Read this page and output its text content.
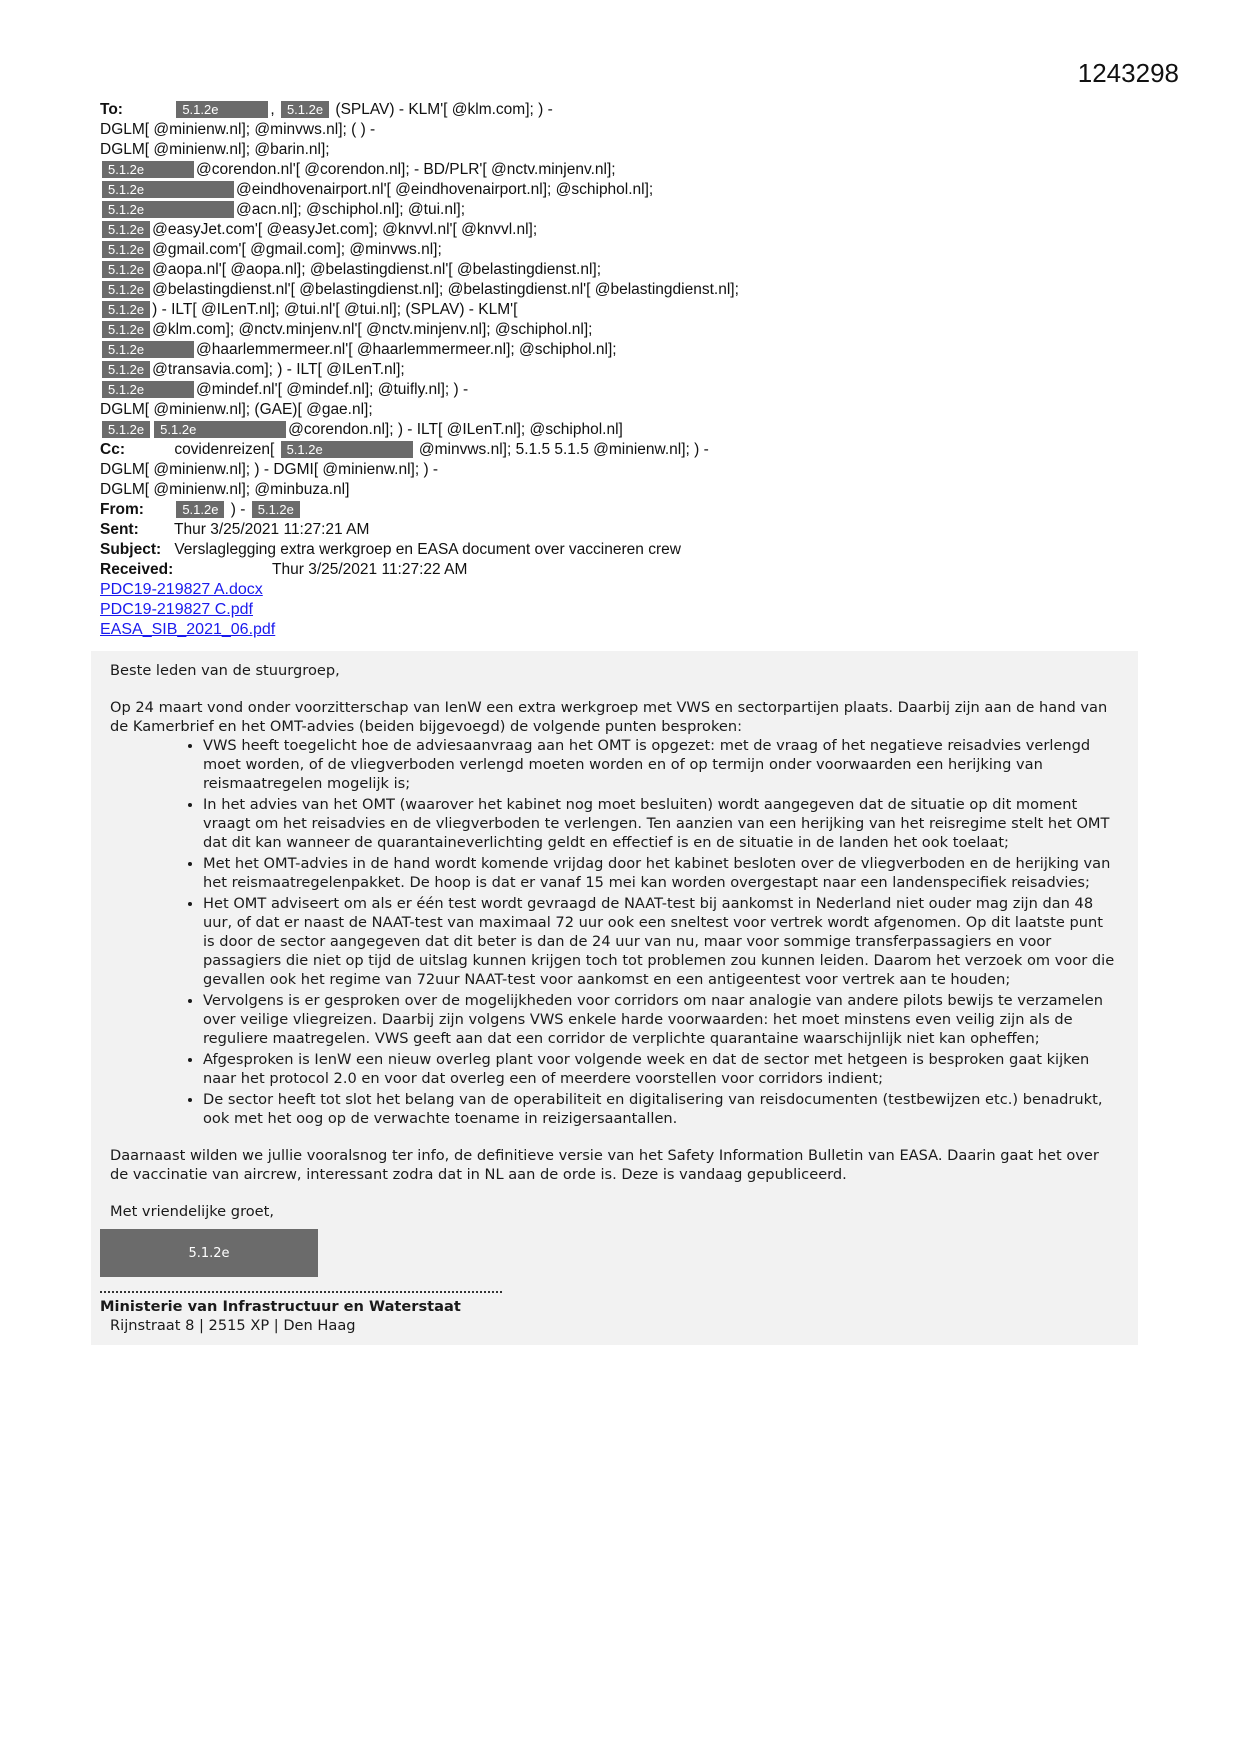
1243298
To:	5.1.2e	, 5.1.2e (SPLAV) - KLM'[ @klm.com]; ) -
DGLM[ @minienw.nl]; @minvws.nl]; ( ) -
DGLM[ @minienw.nl]; @barin.nl];
5.1.2e	@corendon.nl'[ @corendon.nl]; - BD/PLR'[ @nctv.minjenv.nl];
5.1.2e	@eindhovenairport.nl'[ @eindhovenairport.nl]; @schiphol.nl];
5.1.2e	@acn.nl]; @schiphol.nl]; @tui.nl];
5.1.2e @easyJet.com'[ @easyJet.com]; @knvvl.nl'[ @knvvl.nl];
5.1.2e @gmail.com'[ @gmail.com]; @minvws.nl];
5.1.2e @aopa.nl'[ @aopa.nl]; @belastingdienst.nl'[ @belastingdienst.nl];
5.1.2e @belastingdienst.nl'[ @belastingdienst.nl]; @belastingdienst.nl'[ @belastingdienst.nl];
5.1.2e ) - ILT[ @ILenT.nl]; @tui.nl'[ @tui.nl]; (SPLAV) - KLM'[
5.1.2e @klm.com]; @nctv.minjenv.nl'[ @nctv.minjenv.nl]; @schiphol.nl];
5.1.2e	@haarlemmermeer.nl'[ @haarlemmermeer.nl]; @schiphol.nl];
5.1.2e @transavia.com]; ) - ILT[ @ILenT.nl];
5.1.2e	@mindef.nl'[ @mindef.nl]; @tuifly.nl]; ) -
DGLM[ @minienw.nl]; (GAE)[ @gae.nl];
5.1.2e 5.1.2e	@corendon.nl]; ) - ILT[ @ILenT.nl]; @schiphol.nl]
Cc:	covidenreizen[ 5.1.2e	@minvws.nl]; 5.1.5 5.1.5 @minienw.nl]; ) -
DGLM[ @minienw.nl]; ) - DGMI[ @minienw.nl]; ) -
DGLM[ @minienw.nl]; @minbuza.nl]
From:	5.1.2e ) - 5.1.2e
Sent: Thur 3/25/2021 11:27:21 AM
Subject: Verslaglegging extra werkgroep en EASA document over vaccineren crew
Received:	Thur 3/25/2021 11:27:22 AM
PDC19-219827 A.docx
PDC19-219827 C.pdf
EASA_SIB_2021_06.pdf

Beste leden van de stuurgroep,

Op 24 maart vond onder voorzitterschap van IenW een extra werkgroep met VWS en sectorpartijen plaats. Daarbij zijn aan de hand van de Kamerbrief en het OMT-advies (beiden bijgevoegd) de volgende punten besproken:

• VWS heeft toegelicht hoe de adviesaanvraag aan het OMT is opgezet: met de vraag of het negatieve reisadvies verlengd moet worden, of de vliegverboden verlengd moeten worden en of op termijn onder voorwaarden een herijking van reismaatregelen mogelijk is;
• In het advies van het OMT (waarover het kabinet nog moet besluiten) wordt aangegeven dat de situatie op dit moment vraagt om het reisadvies en de vliegverboden te verlengen. Ten aanzien van een herijking van het reisregime stelt het OMT dat dit kan wanneer de quarantaineverlichting geldt en effectief is en de situatie in de landen het ook toelaat;
• Met het OMT-advies in de hand wordt komende vrijdag door het kabinet besloten over de vliegverboden en de herijking van het reismaatregelenpakket. De hoop is dat er vanaf 15 mei kan worden overgestapt naar een landenspecifiek reisadvies;
• Het OMT adviseert om als er één test wordt gevraagd de NAAT-test bij aankomst in Nederland niet ouder mag zijn dan 48 uur, of dat er naast de NAAT-test van maximaal 72 uur ook een sneltest voor vertrek wordt afgenomen. Op dit laatste punt is door de sector aangegeven dat dit beter is dan de 24 uur van nu, maar voor sommige transferpassagiers en voor passagiers die niet op tijd de uitslag kunnen krijgen toch tot problemen zou kunnen leiden. Daarom het verzoek om voor die gevallen ook het regime van 72uur NAAT-test voor aankomst en een antigeentest voor vertrek aan te houden;
• Vervolgens is er gesproken over de mogelijkheden voor corridors om naar analogie van andere pilots bewijs te verzamelen over veilige vliegreizen. Daarbij zijn volgens VWS enkele harde voorwaarden: het moet minstens even veilig zijn als de reguliere maatregelen. VWS geeft aan dat een corridor de verplichte quarantaine waarschijnlijk niet kan opheffen;
• Afgesproken is IenW een nieuw overleg plant voor volgende week en dat de sector met hetgeen is besproken gaat kijken naar het protocol 2.0 en voor dat overleg een of meerdere voorstellen voor corridors indient;
• De sector heeft tot slot het belang van de operabiliteit en digitalisering van reisdocumenten (testbewijzen etc.) benadrukt, ook met het oog op de verwachte toename in reizigersaantallen.

Daarnaast wilden we jullie vooralsnog ter info, de definitieve versie van het Safety Information Bulletin van EASA. Daarin gaat het over de vaccinatie van aircrew, interessant zodra dat in NL aan de orde is. Deze is vandaag gepubliceerd.

Met vriendelijke groet,

5.1.2e
Ministerie van Infrastructuur en Waterstaat
Rijnstraat 8 | 2515 XP | Den Haag
